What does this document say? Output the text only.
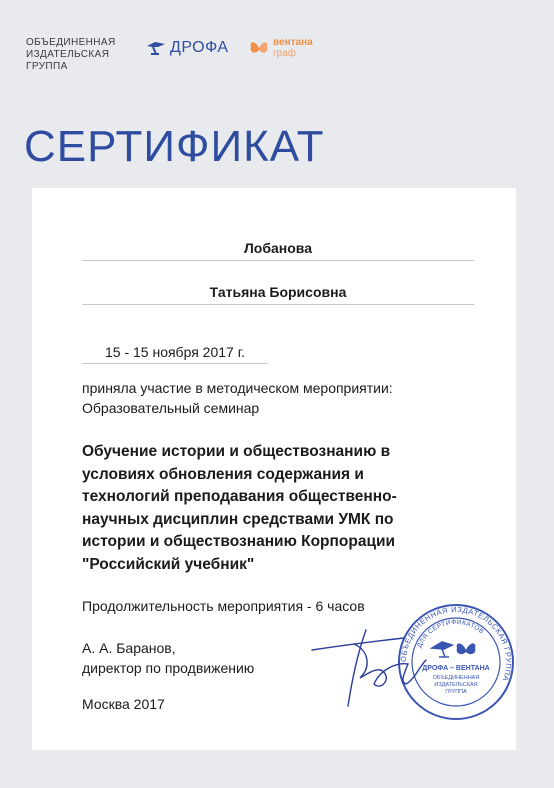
ОБЪЕДИНЕННАЯ
ИЗДАТЕЛЬСКАЯ
ГРУППА
ДРОФА	вентана
граф
СЕРТИФИКАТ
Лобанова
Татьяна Борисовна
15 - 15 ноября 2017 г.
приняла участие в методическом мероприятии:
Образовательный семинар
Обучение истории и обществознанию в
условиях обновления содержания и
технологий преподавания общественно-
научных дисциплин средствами УМК по
истории и обществознанию Корпорации
"Российский учебник"
Продолжительность мероприятия - 6 часов
А. А. Баранов,
директор по продвижению
Москва 2017
ОБЪЕДИНЕННАЯ ИЗДАТЕЛЬСКАЯ ГРУППА
ДЛЯ СЕРТИФИКАТОВ
ДРОФА – ВЕНТАНА
ОБЪЕДИНЕННАЯ
ИЗДАТЕЛЬСКАЯ
ГРУППА
